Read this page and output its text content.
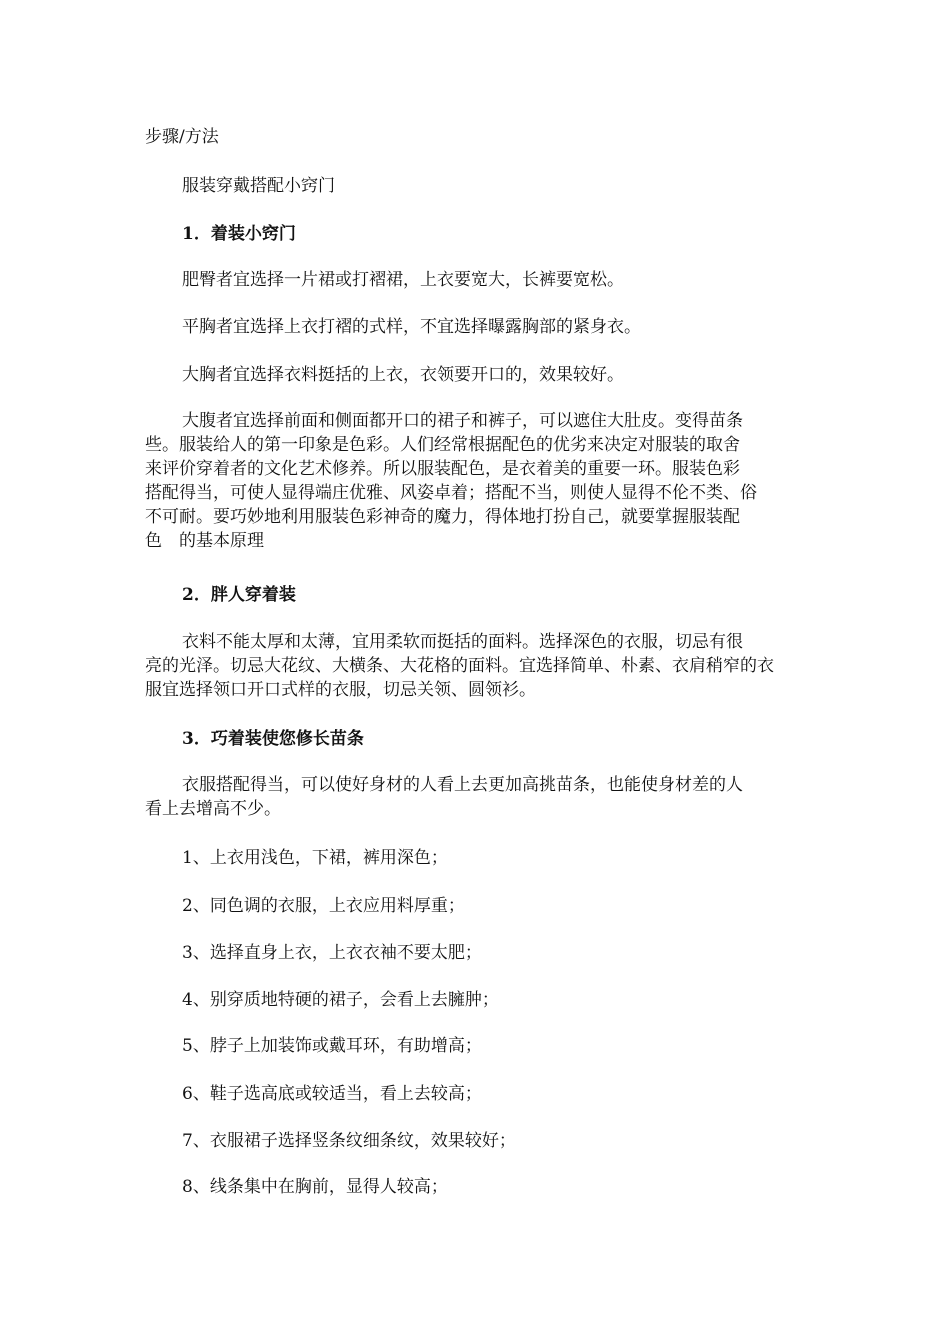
步骤/方法
服装穿戴搭配小窍门
1．着装小窍门
肥臀者宜选择一片裙或打褶裙，上衣要宽大，长裤要宽松。
平胸者宜选择上衣打褶的式样，不宜选择曝露胸部的紧身衣。
大胸者宜选择衣料挺括的上衣，衣领要开口的，效果较好。
大腹者宜选择前面和侧面都开口的裙子和裤子，可以遮住大肚皮。变得苗条
些。服装给人的第一印象是色彩。人们经常根据配色的优劣来决定对服装的取舍
来评价穿着者的文化艺术修养。所以服装配色，是衣着美的重要一环。服装色彩
搭配得当，可使人显得端庄优雅、风姿卓着；搭配不当，则使人显得不伦不类、俗
不可耐。要巧妙地利用服装色彩神奇的魔力，得体地打扮自己，就要掌握服装配
色　的基本原理
2．胖人穿着装
衣料不能太厚和太薄，宜用柔软而挺括的面料。选择深色的衣服，切忌有很
亮的光泽。切忌大花纹、大横条、大花格的面料。宜选择简单、朴素、衣肩稍窄的衣
服宜选择领口开口式样的衣服，切忌关领、圆领衫。
3．巧着装使您修长苗条
衣服搭配得当，可以使好身材的人看上去更加高挑苗条，也能使身材差的人
看上去增高不少。
1、上衣用浅色，下裙，裤用深色；
2、同色调的衣服，上衣应用料厚重；
3、选择直身上衣，上衣衣袖不要太肥；
4、别穿质地特硬的裙子，会看上去臃肿；
5、脖子上加装饰或戴耳环，有助增高；
6、鞋子选高底或较适当，看上去较高；
7、衣服裙子选择竖条纹细条纹，效果较好；
8、线条集中在胸前，显得人较高；
